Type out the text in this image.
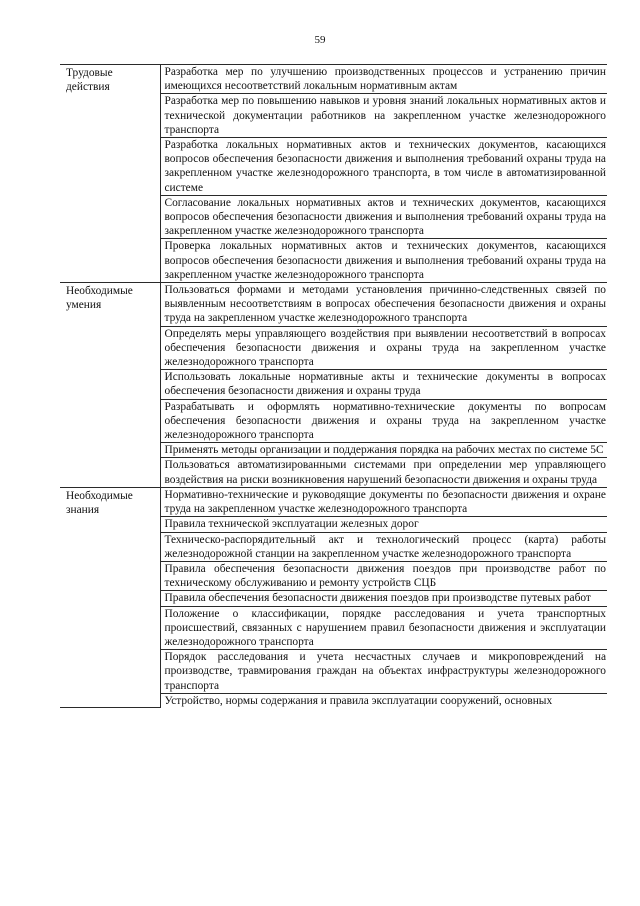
59
Трудовые действия	Разработка мер по улучшению производственных процессов и устранению причин имеющихся несоответствий локальным нормативным актам
	Разработка мер по повышению навыков и уровня знаний локальных нормативных актов и технической документации работников на закрепленном участке железнодорожного транспорта
	Разработка локальных нормативных актов и технических документов, касающихся вопросов обеспечения безопасности движения и выполнения требований охраны труда на закрепленном участке железнодорожного транспорта, в том числе в автоматизированной системе
	Согласование локальных нормативных актов и технических документов, касающихся вопросов обеспечения безопасности движения и выполнения требований охраны труда на закрепленном участке железнодорожного транспорта
	Проверка локальных нормативных актов и технических документов, касающихся вопросов обеспечения безопасности движения и выполнения требований охраны труда на закрепленном участке железнодорожного транспорта
Необходимые умения	Пользоваться формами и методами установления причинно-следственных связей по выявленным несоответствиям в вопросах обеспечения безопасности движения и охраны труда на закрепленном участке железнодорожного транспорта
	Определять меры управляющего воздействия при выявлении несоответствий в вопросах обеспечения безопасности движения и охраны труда на закрепленном участке железнодорожного транспорта
	Использовать локальные нормативные акты и технические документы в вопросах обеспечения безопасности движения и охраны труда
	Разрабатывать и оформлять нормативно-технические документы по вопросам обеспечения безопасности движения и охраны труда на закрепленном участке железнодорожного транспорта
	Применять методы организации и поддержания порядка на рабочих местах по системе 5С
	Пользоваться автоматизированными системами при определении мер управляющего воздействия на риски возникновения нарушений безопасности движения и охраны труда
Необходимые знания	Нормативно-технические и руководящие документы по безопасности движения и охране труда на закрепленном участке железнодорожного транспорта
	Правила технической эксплуатации железных дорог
	Техническо-распорядительный акт и технологический процесс (карта) работы железнодорожной станции на закрепленном участке железнодорожного транспорта
	Правила обеспечения безопасности движения поездов при производстве работ по техническому обслуживанию и ремонту устройств СЦБ
	Правила обеспечения безопасности движения поездов при производстве путевых работ
	Положение о классификации, порядке расследования и учета транспортных происшествий, связанных с нарушением правил безопасности движения и эксплуатации железнодорожного транспорта
	Порядок расследования и учета несчастных случаев и микроповреждений на производстве, травмирования граждан на объектах инфраструктуры железнодорожного транспорта
	Устройство, нормы содержания и правила эксплуатации сооружений, основных
